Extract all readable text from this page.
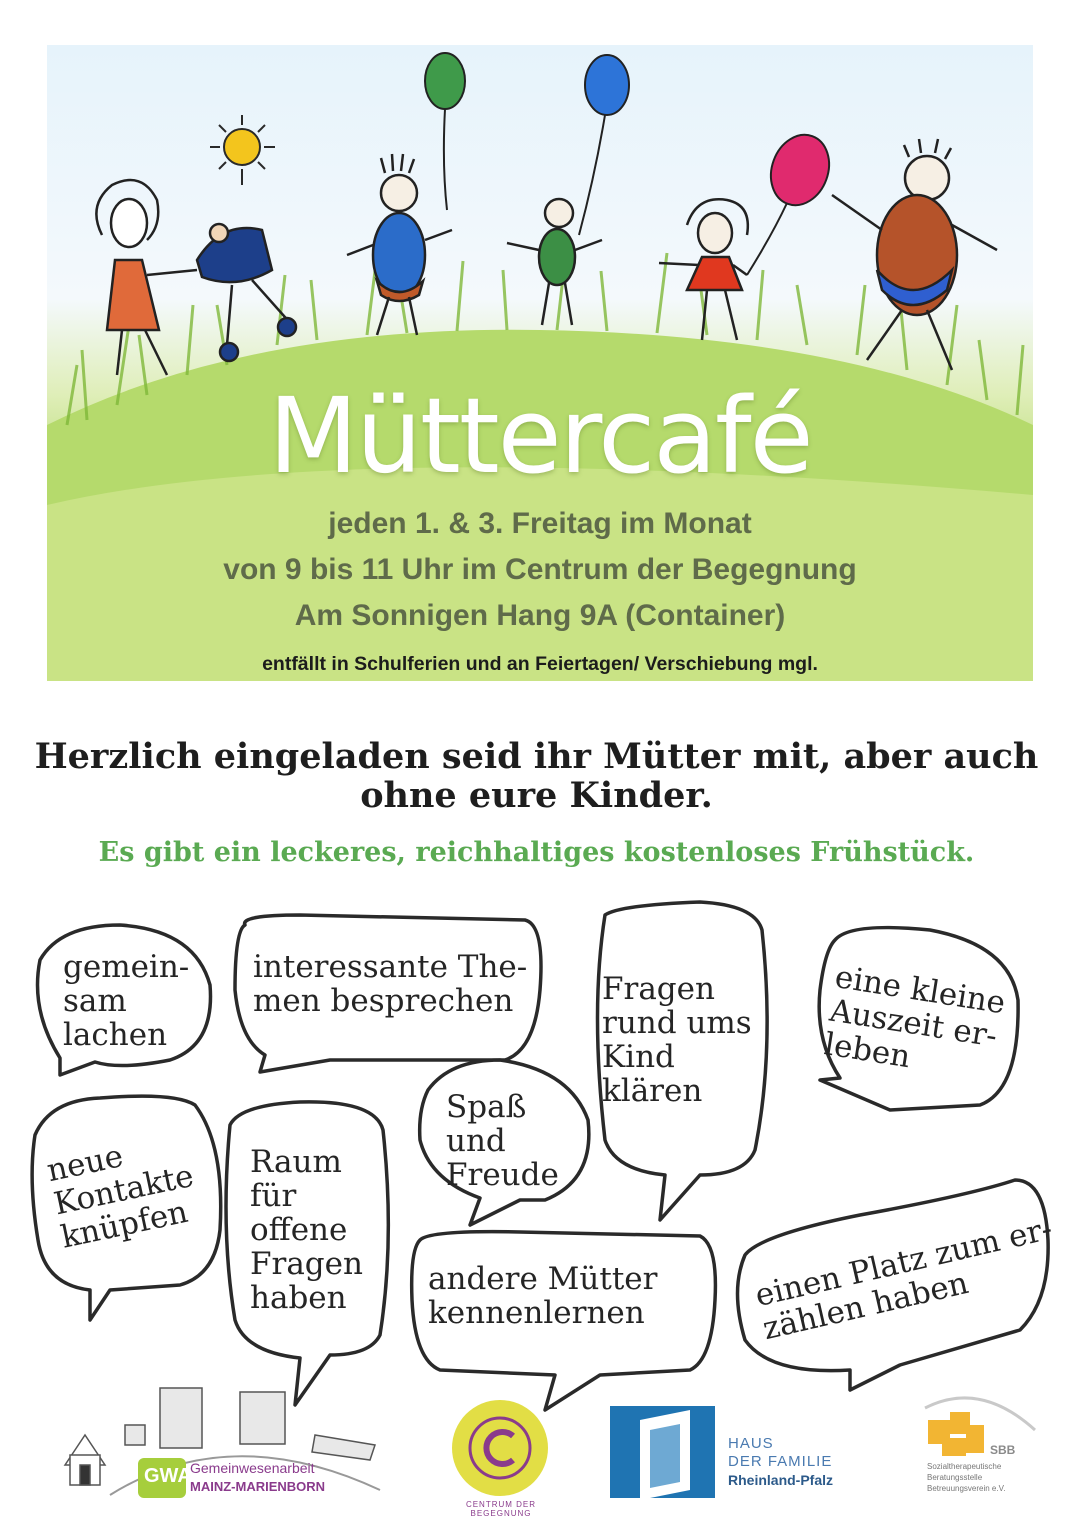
Müttercafé
jeden 1. & 3. Freitag im Monat
von 9 bis 11 Uhr im Centrum der Begegnung
Am Sonnigen Hang 9A (Container)
entfällt in Schulferien und an Feiertagen/ Verschiebung mgl.
Herzlich eingeladen seid ihr Mütter mit, aber auch ohne eure Kinder.
Es gibt ein leckeres, reichhaltiges kostenloses Frühstück.
gemein-
sam
lachen
interessante The-
men besprechen	Fragen
rund ums
Kind
klären
eine kleine
Auszeit er-
leben
Spaß
und
Freude
neue
Kontakte
knüpfen
Raum
für
offene
Fragen
haben
andere Mütter
kennenlernen	einen Platz zum er-
zählen haben
GWA
Gemeinwesenarbeit
MAINZ-MARIENBORN
CENTRUM DER BEGEGNUNG
HAUS
DER FAMILIE
Rheinland-Pfalz
SBB
Sozialtherapeutische
Beratungsstelle
Betreuungsverein e.V.
